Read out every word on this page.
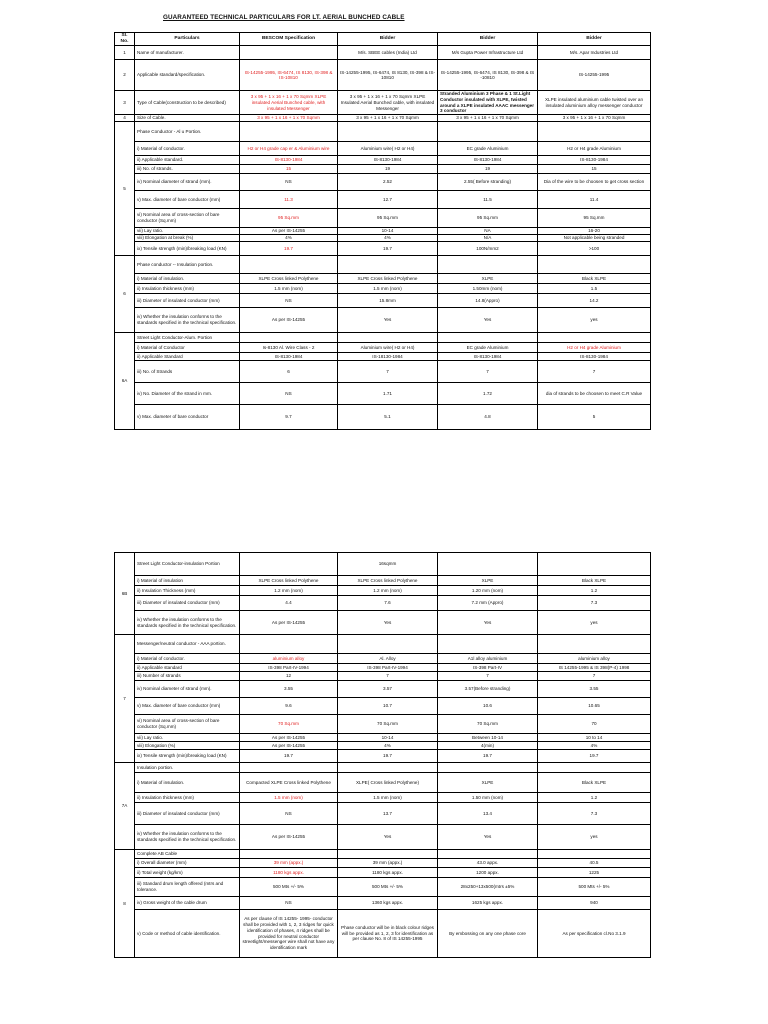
GUARANTEED TECHNICAL PARTICULARS FOR LT. AERIAL BUNCHED CABLE
Sl. No.	Particulars	BESCOM Specification	Bidder	Bidder	Bidder
1	Name of manufacturer.		M/s. SBEE cables (India) Ltd	M/s Gupta Power Infrastructure Ltd	M/s. Apar Industries Ltd
2	Applicable standard/specification.	IS-14255-1995, IS-6474, IS 8130, IS-398 & IS-10810	IS-14255-1995, IS-6474, IS 8130, IS-398 & IS-10810	IS-14255-1995, IS-6474, IS 8130, IS-398 & IS -10810	IS-14255-1995
3	Type of Cable(construction to be described)	3 x 95 + 1 x 16 + 1 x 70 Sqmm XLPE insulated Aerial Bunched cable, with insulated Messenger	3 x 95 + 1 x 16 + 1 x 70 Sqmm XLPE Insulated Aerial Bunched cable, with insulated Messenger	Stranded Aluminium 3 Phase & 1 St.Light Conductor insulated with XLPE, twisted around a XLPE insulated AAAC messenger 3 conductor	XLPE insulated aluminium cable twisted over an insulated aluminium alloy messenger conductor
4	Size of Cable.	3 x 95 + 1 x 16 + 1 x 70 Sqmm	3 x 95 + 1 x 16 + 1 x 70 Sqmm	3 x 95 + 1 x 16 + 1 x 70 Sqmm	3 x 95 + 1 x 16 + 1 x 70 Sqmm
5	Phase Conductor - Al u Portion.				
	i) Material of conductor.	H2 or H4 grade cap er & Aluminium wire	Aluminium wire( H2 or H4)	EC grade Aluminium	H2 or H4 grade Aluminium
	ii) Applicable standard.	IS-8130-1984	IS-8130-1984	IS-8130-1984	IS-8130-1984
	iii) No. of strands.	15	19	19	15
	iv) Nominal diameter of strand (mm).	NS	2.52	2.55( Before stranding)	Dia of the wire to be choosen to get cross section
	v) Max. diameter of bare conductor (mm)	11.3	12.7	11.5	11.4
	vi) Nominal area of cross-section of bare conductor (Sq.mm)	95 Sq.mm	95 Sq.mm	95 Sq.mm	95 Sq.mm
	vii) Lay ratio.	As per IS-14255	10-14	NA	16-20
	viii) Elongation at break (%)	4%	4%	N/A	Not applicable being stranded
	ix) Tensile strength (min)/breaking load (KN)	19.7	19.7	100N/mm2	>100
6	Phase conductor -- Insulation portion.				
	i) Material of insulation.	XLPE Cross linked Polythene	XLPE Cross linked Polythene	XLPE	Black XLPE
	ii) Insulation thickness (mm)	1.5 mm (nom)	1.5 mm (nom)	1.50mm (nom)	1.5
	iii) Diameter of insulated conductor (mm)	NS	15.8mm	14.8(Appro)	14.2
	iv) Whether the insulation conforms to the standards specified in the technical specification.	As per IS-14255	Yes	Yes	yes
6A	Street Light Conductor-Alum. Portion				
	i) Material of Conductor	Is-8130 Al. Wire Class - 2	Aluminium wire( H2 or H4)	EC grade Aluminium	H2 or H4 grade Aluminium
	ii) Applicable Standard	IS-8130-1984	IS-18130-1984	IS-8130-1984	IS-8130-1984
	iii) No. of Strands	6	7	7	7
	iv) No. Diameter of the strand in mm.	NS	1.71	1.72	dia of strands to be choosen to meet C.R Value
	v) Max. diameter of bare conductor	9.7	5.1	4.8	5
6B	Street Light Conductor-insulation Portion		16sqmm		
	i) Material of insulation	XLPE Cross linked Polythene	XLPE Cross linked Polythene	XLPE	Black XLPE
	ii) Insulation Thickness (mm)	1.2 mm (nom)	1.2 mm (nom)	1.20 mm (nom)	1.2
	iii) Diameter of insulated conductor (mm)	4.4	7.6	7.2 mm (Appro)	7.3
	iv) Whether the insulation conforms to the standards specified in the technical specification.	As per IS-14255	Yes	Yes	yes
7	Messenger/neutral conductor - AAA portion.				
	i) Material of conductor.	aluminium alloy	Al. Alloy	A1l alloy aluminium	aluminium alloy
	ii) Applicable standard	IS-398 Part-IV-1994	IS-398 Part-IV-1994	IS-398 Part-IV	IS 14255-1995 & IS 398(P-4) 1998
	iii) Number of strands	12	7	7	7
	iv) Nominal diameter of strand (mm).	3.55	3.57	3.57(Before stranding)	3.55
	v) Max. diameter of bare conductor (mm)	9.6	10.7	10.6	10.65
	vi) Nominal area of cross-section of bare conductor (Sq.mm)	70 Sq.mm	70 Sq.mm	70 Sq.mm	70
	vii) Lay ratio.	As per IS-14255	10-14	Between 10-14	10 to 14
	viii) Elongation (%)	As per IS-14255	4%	4(min)	4%
	ix) Tensile strength (min)/breaking load (KN)	19.7	19.7	19.7	19.7
7A	Insulation portion.				
	i) Material of insulation.	Compacted XLPE Cross linked Polythene	XLPE( Cross linked Polythene)	XLPE	Black XLPE
	ii) Insulation thickness (mm)	1.5 mm (nom)	1.5 mm (nom)	1.50 mm (nom)	1.2
	iii) Diameter of insulated conductor (mm)	NS	13.7	13.4	7.3
	iv) Whether the insulation conforms to the standards specified in the technical specification.	As per IS-14255	Yes	Yes	yes
8	Complete AB Cable				
	i) Overall diameter (mm)	39 mm (appx.)	39 mm (appx.)	43.0 appx.	40.5
	ii) Total weight (kg/km)	1180 kgs appx.	1180 kgs appx.	1200 appx.	1225
	iii) Standard drum length offered (mtrs and tolerance.	500 Mts +/- 5%	500 Mts +/- 5%	28x250+13x500(mtrs ±5%	500 Mts +/- 5%
	iv) Gross weight of the cable drum	NS	1360 kgs appx.	1625 kgs appx.	940
	v) Code or method of cable identification.	As per clause of IS 14255- 1995- conductor shall be provided with 1, 2, 3 ridges for quick identification of phases, 4 ridges shall be provided for neutral conductor streetlight/messenger wire shall not have any identification mark	Phase conductor will be in black colour ridges will be provided as 1, 2, 3 for identification as per clause No. 8 of IS 14255-1995	By embossing on any one phase core	As per specification cl.No 3.1.9
